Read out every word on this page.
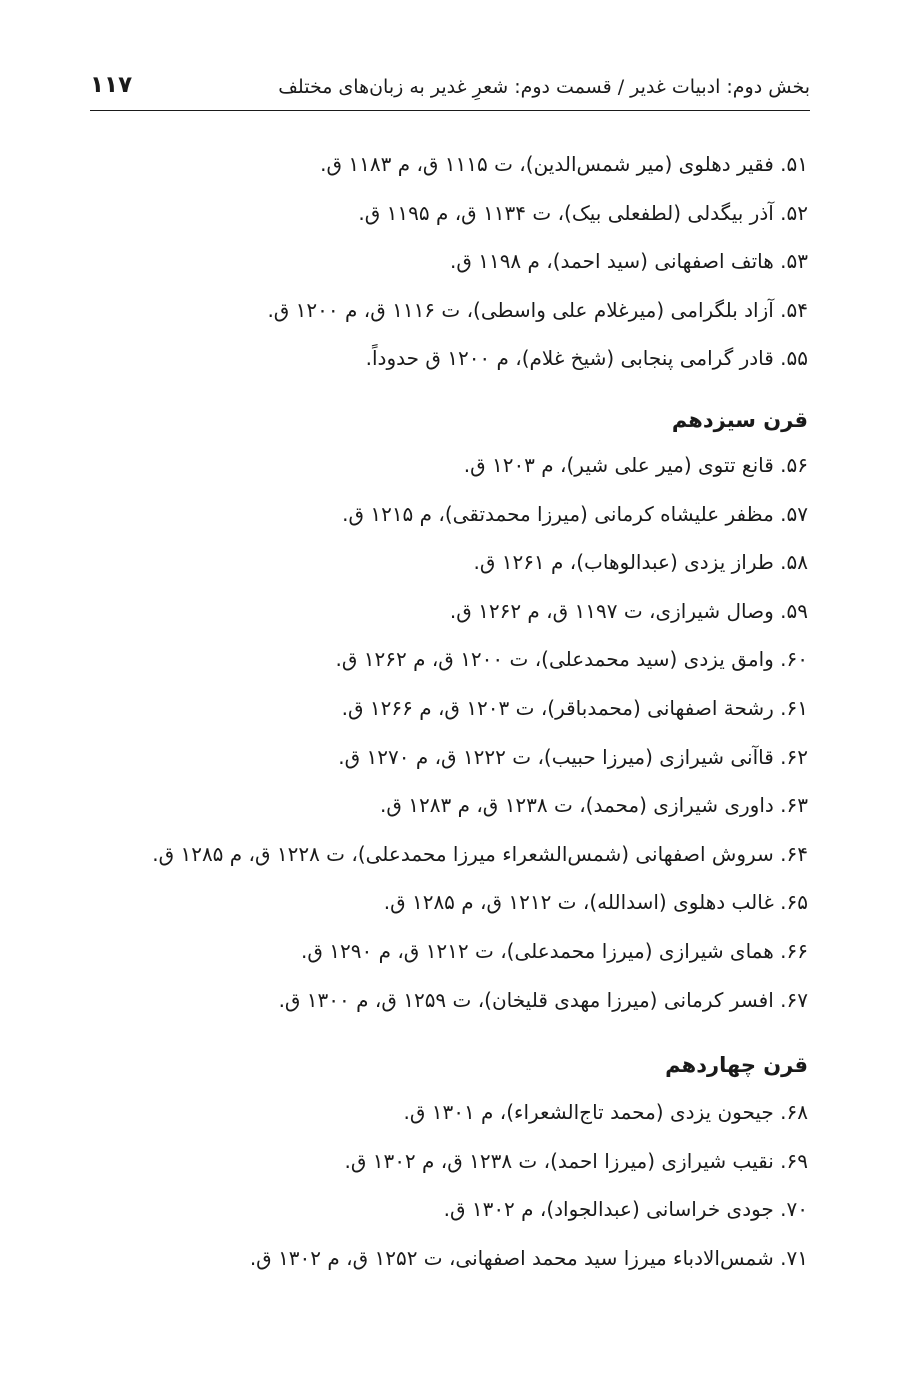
بخش دوم: ادبیات غدیر / قسمت دوم: شعرِ غدیر به زبان‌های مختلف
۱۱۷
۵۱. فقیر دهلوی (میر شمس‌الدین)، ت ۱۱۱۵ ق، م ۱۱۸۳ ق.
۵۲. آذر بیگدلی (لطفعلی بیک)، ت ۱۱۳۴ ق، م ۱۱۹۵ ق.
۵۳. هاتف اصفهانی (سید احمد)، م ۱۱۹۸ ق.
۵۴. آزاد بلگرامی (میرغلام علی واسطی)، ت ۱۱۱۶ ق، م ۱۲۰۰ ق.
۵۵. قادر گرامی پنجابی (شیخ غلام)، م ۱۲۰۰ ق حدوداً.
قرن سیزدهم
۵۶. قانع تتوی (میر علی شیر)، م ۱۲۰۳ ق.
۵۷. مظفر علیشاه کرمانی (میرزا محمدتقی)، م ۱۲۱۵ ق.
۵۸. طراز یزدی (عبدالوهاب)، م ۱۲۶۱ ق.
۵۹. وصال شیرازی، ت ۱۱۹۷ ق، م ۱۲۶۲ ق.
۶۰. وامق یزدی (سید محمدعلی)، ت ۱۲۰۰ ق، م ۱۲۶۲ ق.
۶۱. رشحة اصفهانی (محمدباقر)، ت ۱۲۰۳ ق، م ۱۲۶۶ ق.
۶۲. قاآنی شیرازی (میرزا حبیب)، ت ۱۲۲۲ ق، م ۱۲۷۰ ق.
۶۳. داوری شیرازی (محمد)، ت ۱۲۳۸ ق، م ۱۲۸۳ ق.
۶۴. سروش اصفهانی (شمس‌الشعراء میرزا محمدعلی)، ت ۱۲۲۸ ق، م ۱۲۸۵ ق.
۶۵. غالب دهلوی (اسدالله)، ت ۱۲۱۲ ق، م ۱۲۸۵ ق.
۶۶. همای شیرازی (میرزا محمدعلی)، ت ۱۲۱۲ ق، م ۱۲۹۰ ق.
۶۷. افسر کرمانی (میرزا مهدی قلیخان)، ت ۱۲۵۹ ق، م ۱۳۰۰ ق.
قرن چهاردهم
۶۸. جیحون یزدی (محمد تاج‌الشعراء)، م ۱۳۰۱ ق.
۶۹. نقیب شیرازی (میرزا احمد)، ت ۱۲۳۸ ق، م ۱۳۰۲ ق.
۷۰. جودی خراسانی (عبدالجواد)، م ۱۳۰۲ ق.
۷۱. شمس‌الادباء میرزا سید محمد اصفهانی، ت ۱۲۵۲ ق، م ۱۳۰۲ ق.
